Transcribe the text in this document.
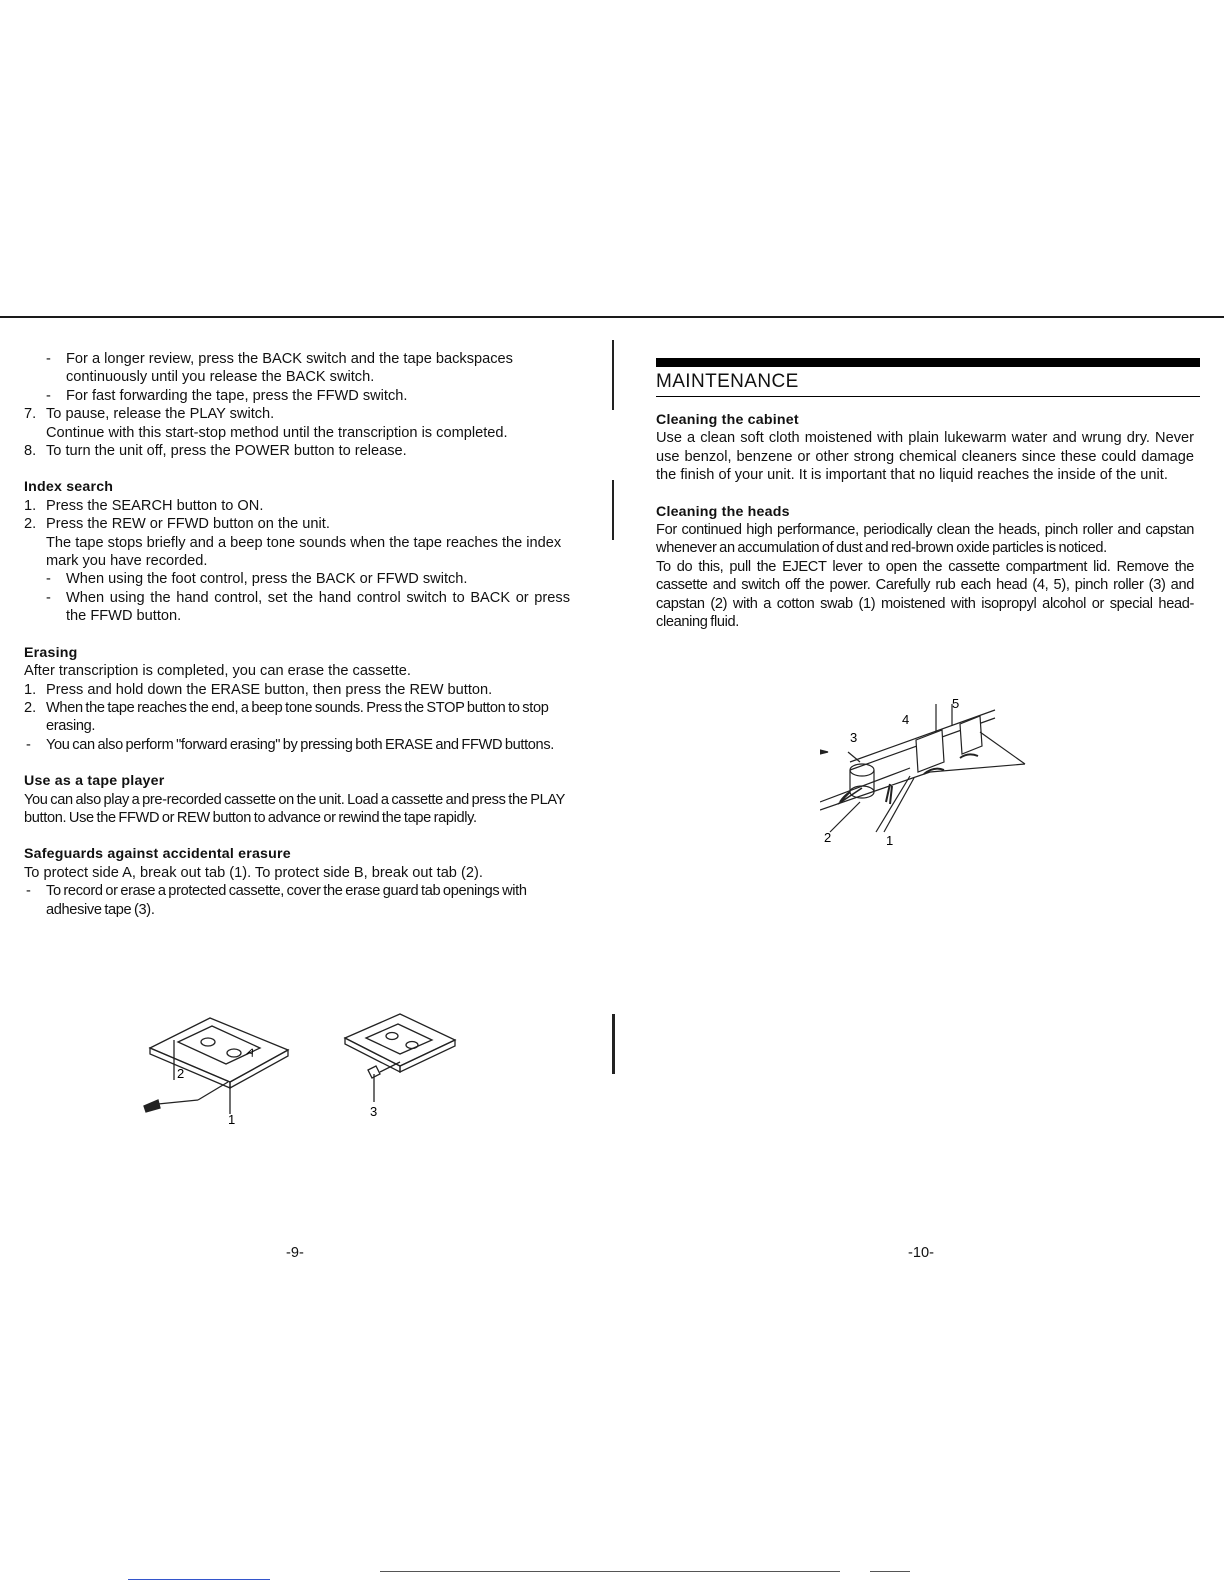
-	For a longer review, press the BACK switch and the tape backspaces continuously until you release the BACK switch.
-	For fast forwarding the tape, press the FFWD switch.
7. To pause, release the PLAY switch.

Continue with this start-stop method until the transcription is completed.

8. To turn the unit off, press the POWER button to release.

Index search

1. Press the SEARCH button to ON.
2. Press the REW or FFWD button on the unit.

The tape stops briefly and a beep tone sounds when the tape reaches the index mark you have recorded.

-	When using the foot control, press the BACK or FFWD switch.
-	When using the hand control, set the hand control switch to BACK or press the FFWD button.

Erasing

After transcription is completed, you can erase the cassette.

1. Press and hold down the ERASE button, then press the REW button.
2. When the tape reaches the end, a beep tone sounds. Press the STOP button to stop erasing.
-	You can also perform "forward erasing" by pressing both ERASE and FFWD buttons.

Use as a tape player

You can also play a pre-recorded cassette on the unit. Load a cassette and press the PLAY button. Use the FFWD or REW button to advance or rewind the tape rapidly.

Safeguards against accidental erasure

To protect side A, break out tab (1). To protect side B, break out tab (2).

-	To record or erase a protected cassette, cover the erase guard tab openings with adhesive tape (3).
A
2
1
3
-9-
MAINTENANCE

Cleaning the cabinet

Use a clean soft cloth moistened with plain lukewarm water and wrung dry. Never use benzol, benzene or other strong chemical cleaners since these could damage the finish of your unit. It is important that no liquid reaches the inside of the unit.

Cleaning the heads

For continued high performance, periodically clean the heads, pinch roller and capstan whenever an accumulation of dust and red-brown oxide particles is noticed.

To do this, pull the EJECT lever to open the cassette compartment lid. Remove the cassette and switch off the power. Carefully rub each head (4, 5), pinch roller (3) and capstan (2) with a cotton swab (1) moistened with isopropyl alcohol or special head-cleaning fluid.

5
4
3
2	1
-10-
